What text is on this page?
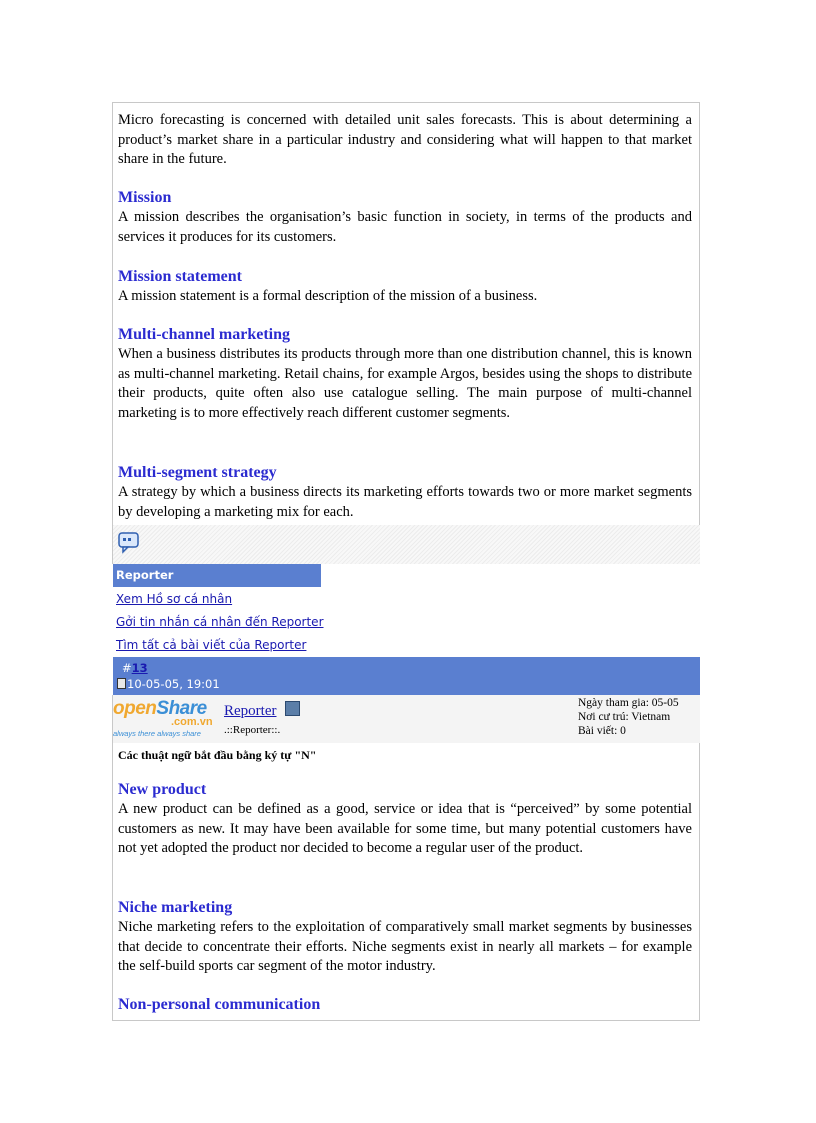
Micro forecasting is concerned with detailed unit sales forecasts. This is about determining a product’s market share in a particular industry and considering what will happen to that market share in the future.
Mission
A mission describes the organisation’s basic function in society, in terms of the products and services it produces for its customers.
Mission statement
A mission statement is a formal description of the mission of a business.
Multi-channel marketing
When a business distributes its products through more than one distribution channel, this is known as multi-channel marketing. Retail chains, for example Argos, besides using the shops to distribute their products, quite often also use catalogue selling. The main purpose of multi-channel marketing is to more effectively reach different customer segments.
Multi-segment strategy
A strategy by which a business directs its marketing efforts towards two or more market segments by developing a marketing mix for each.
Reporter
Xem Hồ sơ cá nhân
Gởi tin nhắn cá nhân đến Reporter
Tìm tất cả bài viết của Reporter
#13
10-05-05, 19:01
openShare
.com.vn
always there always share
Reporter
.::Reporter::.
Ngày tham gia: 05-05
Nơi cư trú: Vietnam
Bài viết: 0
Các thuật ngữ bắt đầu bằng ký tự "N"
New product
A new product can be defined as a good, service or idea that is “perceived” by some potential customers as new. It may have been available for some time, but many potential customers have not yet adopted the product nor decided to become a regular user of the product.
Niche marketing
Niche marketing refers to the exploitation of comparatively small market segments by businesses that decide to concentrate their efforts. Niche segments exist in nearly all markets – for example the self-build sports car segment of the motor industry.
Non-personal communication
